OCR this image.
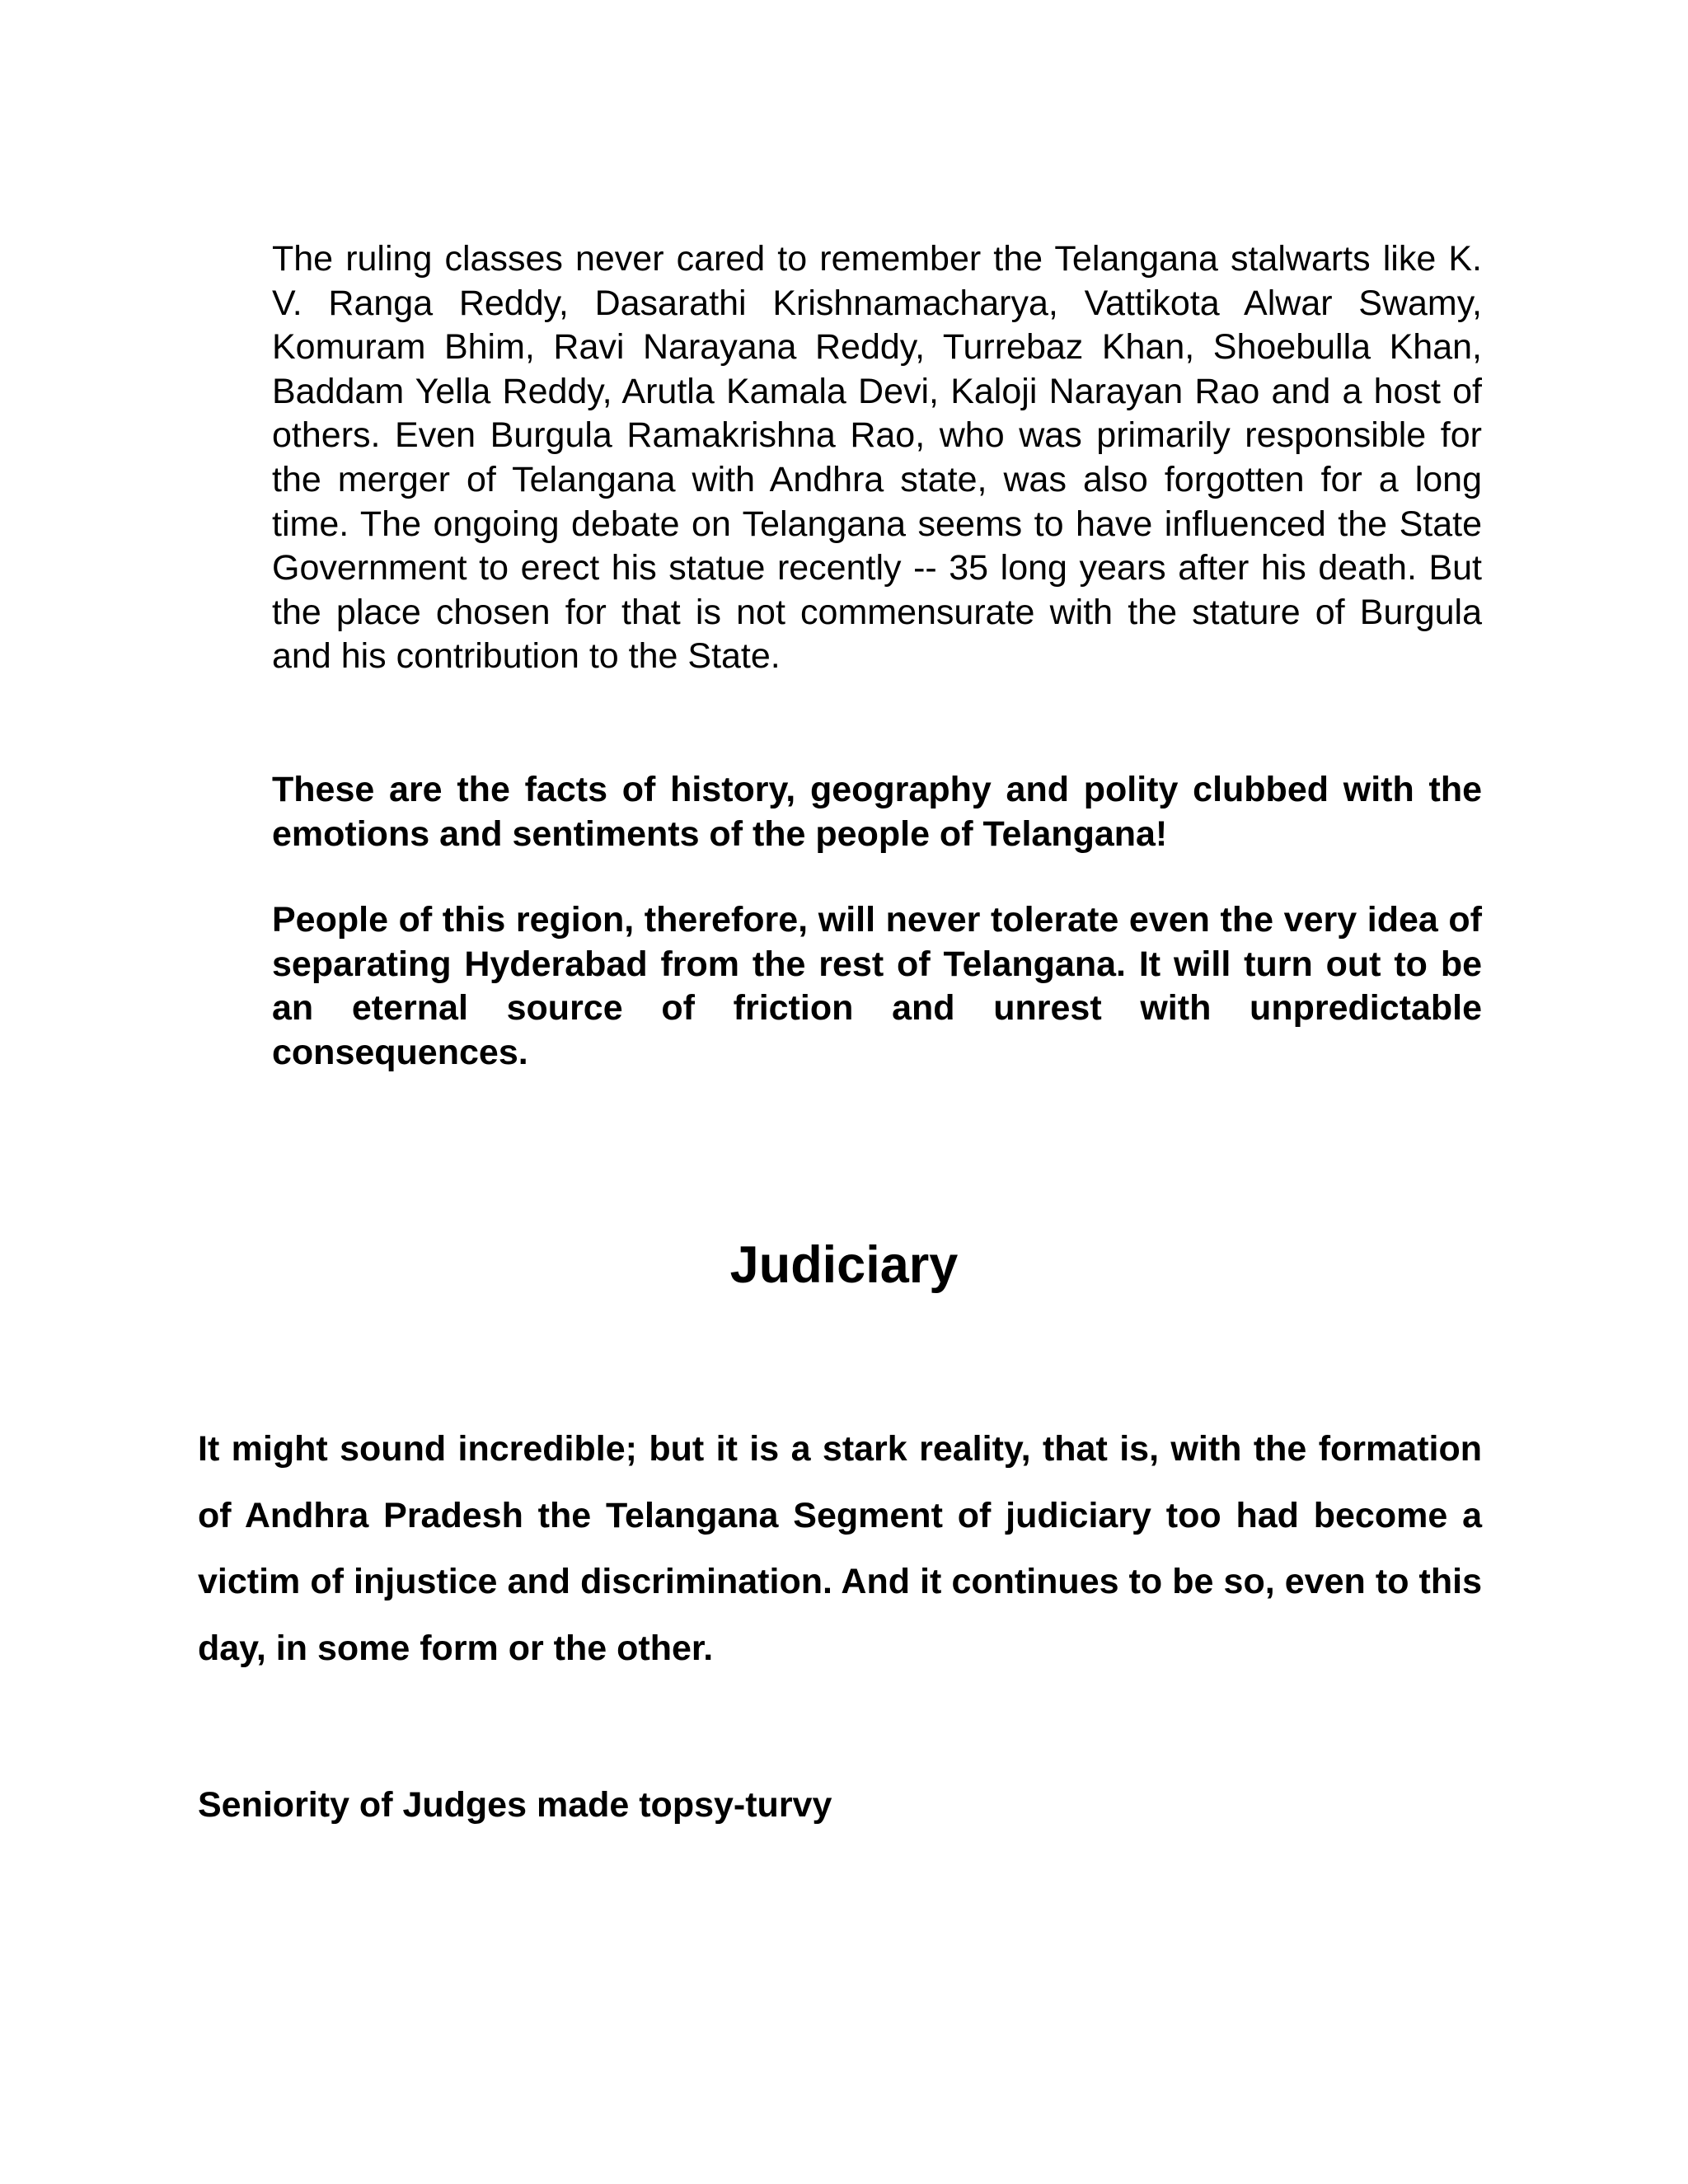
The ruling classes never cared to remember the Telangana stalwarts like K. V. Ranga Reddy, Dasarathi Krishnamacharya, Vattikota Alwar Swamy, Komuram Bhim, Ravi Narayana Reddy, Turrebaz Khan, Shoebulla Khan, Baddam Yella Reddy, Arutla Kamala Devi, Kaloji Narayan Rao and a host of others. Even Burgula Ramakrishna Rao, who was primarily responsible for the merger of Telangana with Andhra state, was also forgotten for a long time. The ongoing debate on Telangana seems to have influenced the State Government to erect his statue recently -- 35 long years after his death. But the place chosen for that is not commensurate with the stature of Burgula and his contribution to the State.

These are the facts of history, geography and polity clubbed with the emotions and sentiments of the people of Telangana!

People of this region, therefore, will never tolerate even the very idea of separating Hyderabad from the rest of Telangana. It will turn out to be an eternal source of friction and unrest with unpredictable consequences.

Judiciary

It might sound incredible; but it is a stark reality, that is, with the formation of Andhra Pradesh the Telangana Segment of judiciary too had become a victim of injustice and discrimination. And it continues to be so, even to this day, in some form or the other.

Seniority of Judges made topsy-turvy
